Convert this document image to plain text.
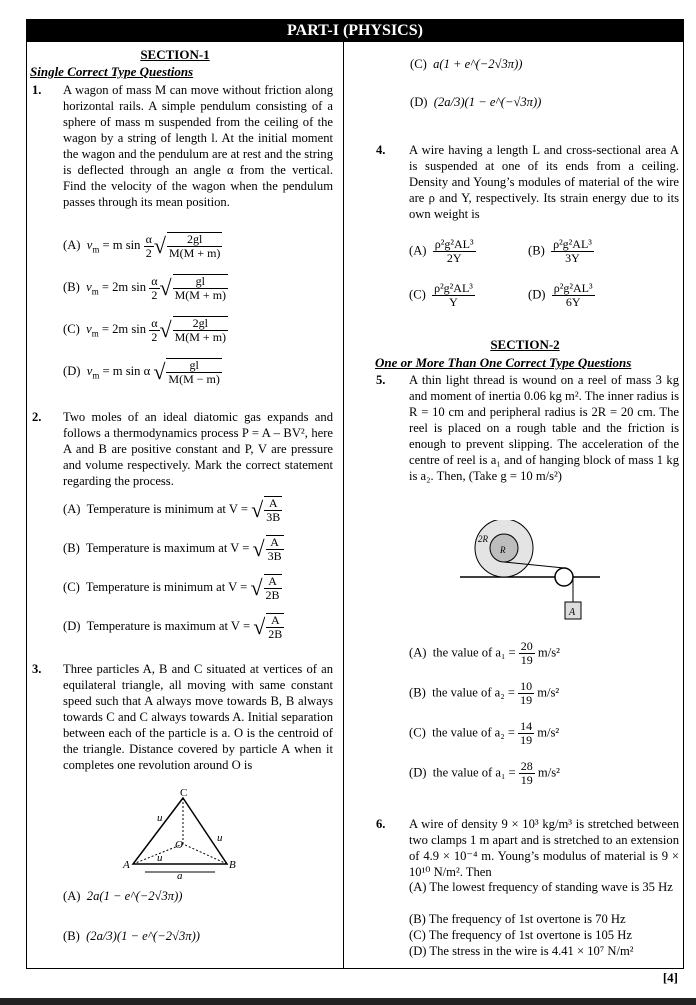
PART-I (PHYSICS)
SECTION-1
Single Correct Type Questions
1. A wagon of mass M can move without friction along horizontal rails. A simple pendulum consisting of a sphere of mass m suspended from the ceiling of the wagon by a string of length l. At the initial moment the wagon and the pendulum are at rest and the string is deflected through an angle α from the vertical. Find the velocity of the wagon when the pendulum passes through its mean position.
(A) $v_m = m$ $\sin \frac{\alpha}{2}$ √ $\frac{2gl}{M(M + m)}$
(B) $v_m = 2m$ $\sin \frac{\alpha}{2}$ √ $\frac{gl}{M(M + m)}$
(C) $v_m = 2m$ $\sin \frac{\alpha}{2}$ √ $\frac{2gl}{M(M + m)}$
(D) $v_m = m$ sin α √ $\frac{gl}{M(M - m)}$
2. Two moles of an ideal diatomic gas expands and follows a thermodynamics process P = A – BV², here A and B are positive constant and P, V are pressure and volume respectively. Mark the correct statement regarding the process.
(A) Temperature is minimum at V = √ $\frac{A}{3B}$
(B) Temperature is maximum at V = √ $\frac{A}{3B}$
(C) Temperature is minimum at V = √ $\frac{A}{2B}$
(D) Temperature is maximum at V = √ $\frac{A}{2B}$
3. Three particles A, B and C situated at vertices of an equilateral triangle, all moving with same constant speed such that A always move towards B, B always towards C and C always towards A. Initial separation between each of the particle is a. O is the centroid of the triangle. Distance covered by particle A when it completes one revolution around O is
C
A	B
O
u
u
u
a
(A) 2a(1 − e^(−2√3π))
(B) (2a/3)(1 − e^(−2√3π))
(C) a(1 + e^(−2√3π))
(D) (2a/3)(1 − e^(−√3π))
4. A wire having a length L and cross-sectional area A is suspended at one of its ends from a ceiling. Density and Young’s modules of material of the wire are ρ and Y, respectively. Its strain energy due to its own weight is
$(A) \frac{\text{ρ²g²AL³}}{2Y}$	$(B) \frac{\text{ρ²g²AL³}}{3Y}$
$(C) \frac{\text{ρ²g²AL³}}{Y}$	$(D) \frac{\text{ρ²g²AL³}}{6Y}$
SECTION-2
One or More Than One Correct Type Questions
5. A thin light thread is wound on a reel of mass 3 kg and moment of inertia 0.06 kg m². The inner radius is R = 10 cm and peripheral radius is 2R = 20 cm. The reel is placed on a rough table and the friction is enough to prevent slipping. The acceleration of the centre of reel is a₁ and of hanging block of mass 1 kg is a₂. Then, (Take g = 10 m/s²)
2R
R
A
(A) the value of $a_1 = \frac{20}{19} m/s^2$
(B) the value of $a_2 = \frac{10}{19} m/s^2$
(C) the value of $a_2 = \frac{14}{19} m/s^2$
(D) the value of $a_1 = \frac{28}{19} m/s^2$
6. A wire of density 9 × 10³ kg/m³ is stretched between two clamps 1 m apart and is stretched to an extension of 4.9 × 10⁻⁴ m. Young’s modulus of material is 9 × 10¹⁰ N/m². Then
(A) The lowest frequency of standing wave is 35 Hz
(B) The frequency of 1st overtone is 70 Hz
(C) The frequency of 1st overtone is 105 Hz
(D) The stress in the wire is 4.41 × 10⁷ N/m²
[4]
